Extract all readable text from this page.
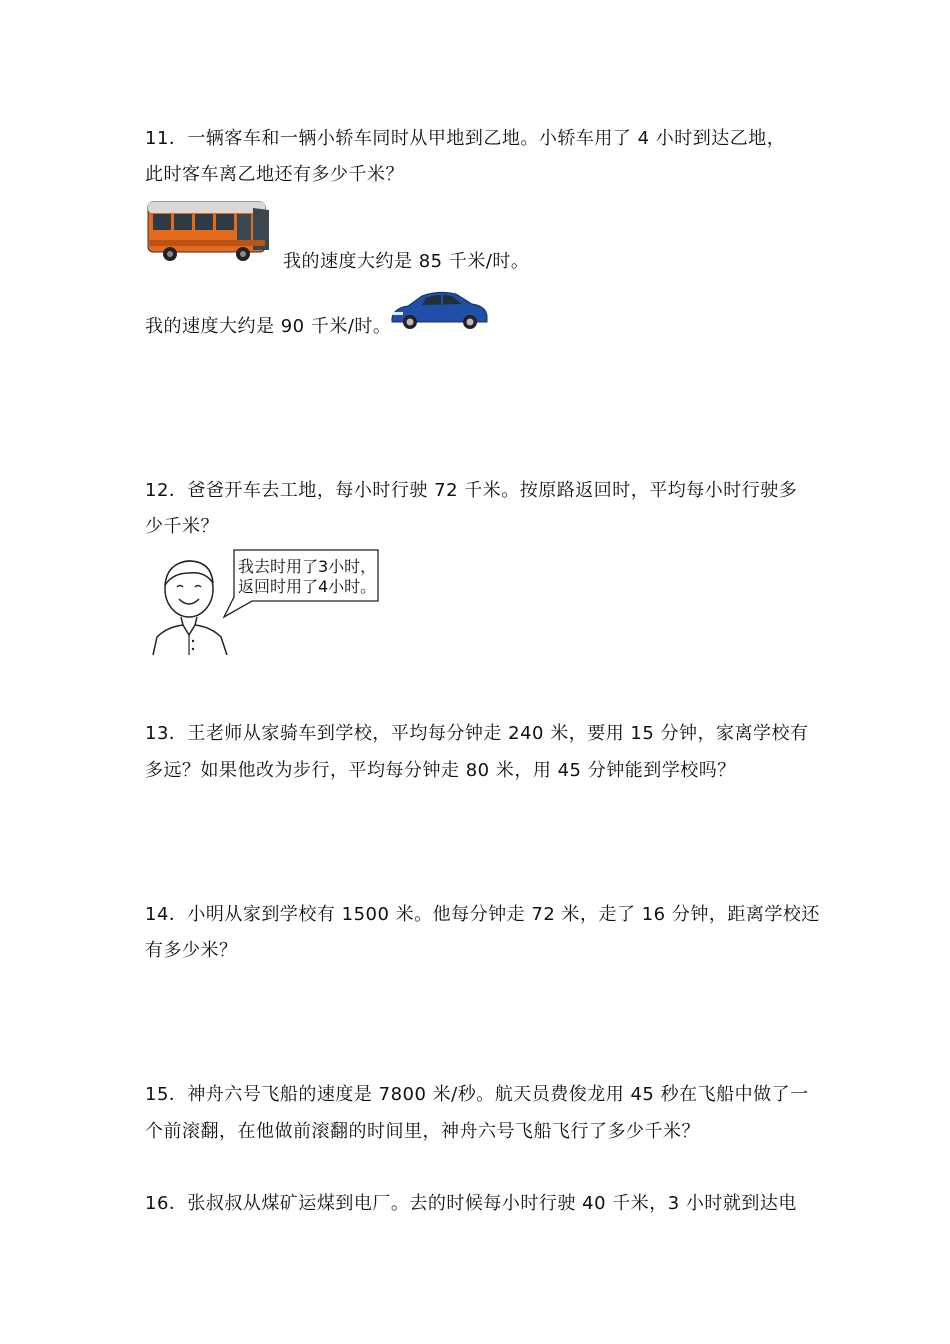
11．一辆客车和一辆小轿车同时从甲地到乙地。小轿车用了 4 小时到达乙地，
此时客车离乙地还有多少千米？
我的速度大约是 85 千米/时。
我的速度大约是 90 千米/时。
12．爸爸开车去工地，每小时行驶 72 千米。按原路返回时，平均每小时行驶多
少千米？
我去时用了3小时，
返回时用了4小时。
13．王老师从家骑车到学校，平均每分钟走 240 米，要用 15 分钟，家离学校有
多远？如果他改为步行，平均每分钟走 80 米，用 45 分钟能到学校吗？
14．小明从家到学校有 1500 米。他每分钟走 72 米，走了 16 分钟，距离学校还
有多少米？
15．神舟六号飞船的速度是 7800 米/秒。航天员费俊龙用 45 秒在飞船中做了一
个前滚翻，在他做前滚翻的时间里，神舟六号飞船飞行了多少千米？
16．张叔叔从煤矿运煤到电厂。去的时候每小时行驶 40 千米，3 小时就到达电
